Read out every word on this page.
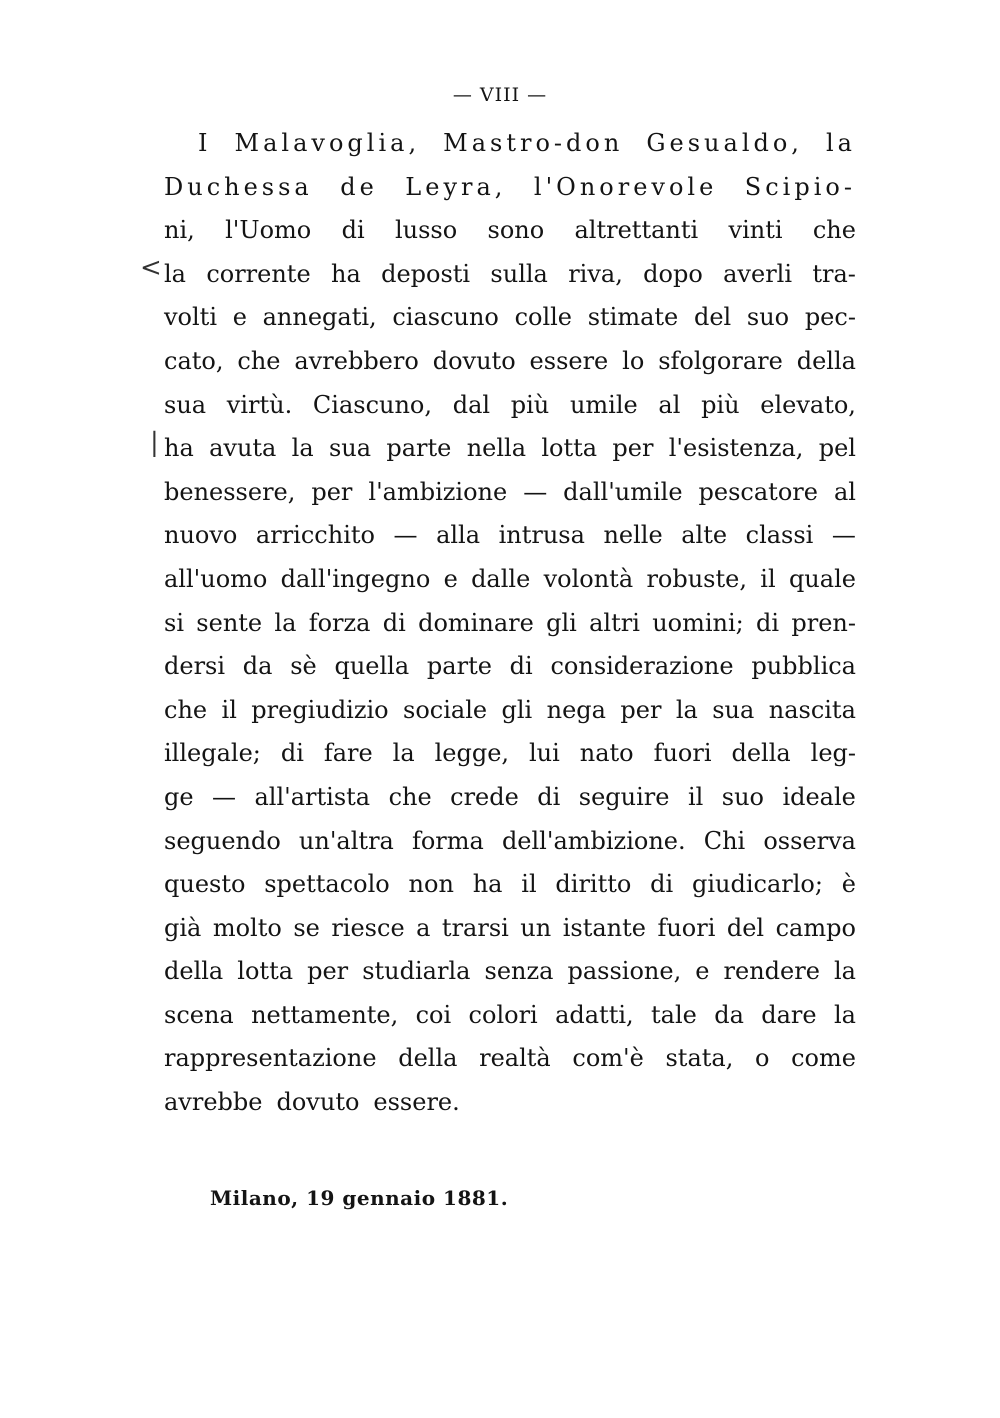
— VIII —
I Malavoglia, Mastro-don Gesualdo, la
Duchessa de Leyra, l'Onorevole Scipio-
ni, l'Uomo di lusso sono altrettanti vinti che
la corrente ha deposti sulla riva, dopo averli tra-
volti e annegati, ciascuno colle stimate del suo pec-
cato, che avrebbero dovuto essere lo sfolgorare della
sua virtù. Ciascuno, dal più umile al più elevato,
ha avuta la sua parte nella lotta per l'esistenza, pel
benessere, per l'ambizione — dall'umile pescatore al
nuovo arricchito — alla intrusa nelle alte classi —
all'uomo dall'ingegno e dalle volontà robuste, il quale
si sente la forza di dominare gli altri uomini; di pren-
dersi da sè quella parte di considerazione pubblica
che il pregiudizio sociale gli nega per la sua nascita
illegale; di fare la legge, lui nato fuori della leg-
ge — all'artista che crede di seguire il suo ideale
seguendo un'altra forma dell'ambizione. Chi osserva
questo spettacolo non ha il diritto di giudicarlo; è
già molto se riesce a trarsi un istante fuori del campo
della lotta per studiarla senza passione, e rendere la
scena nettamente, coi colori adatti, tale da dare la
rappresentazione della realtà com'è stata, o come
avrebbe dovuto essere.
<
|
Milano, 19 gennaio 1881.
